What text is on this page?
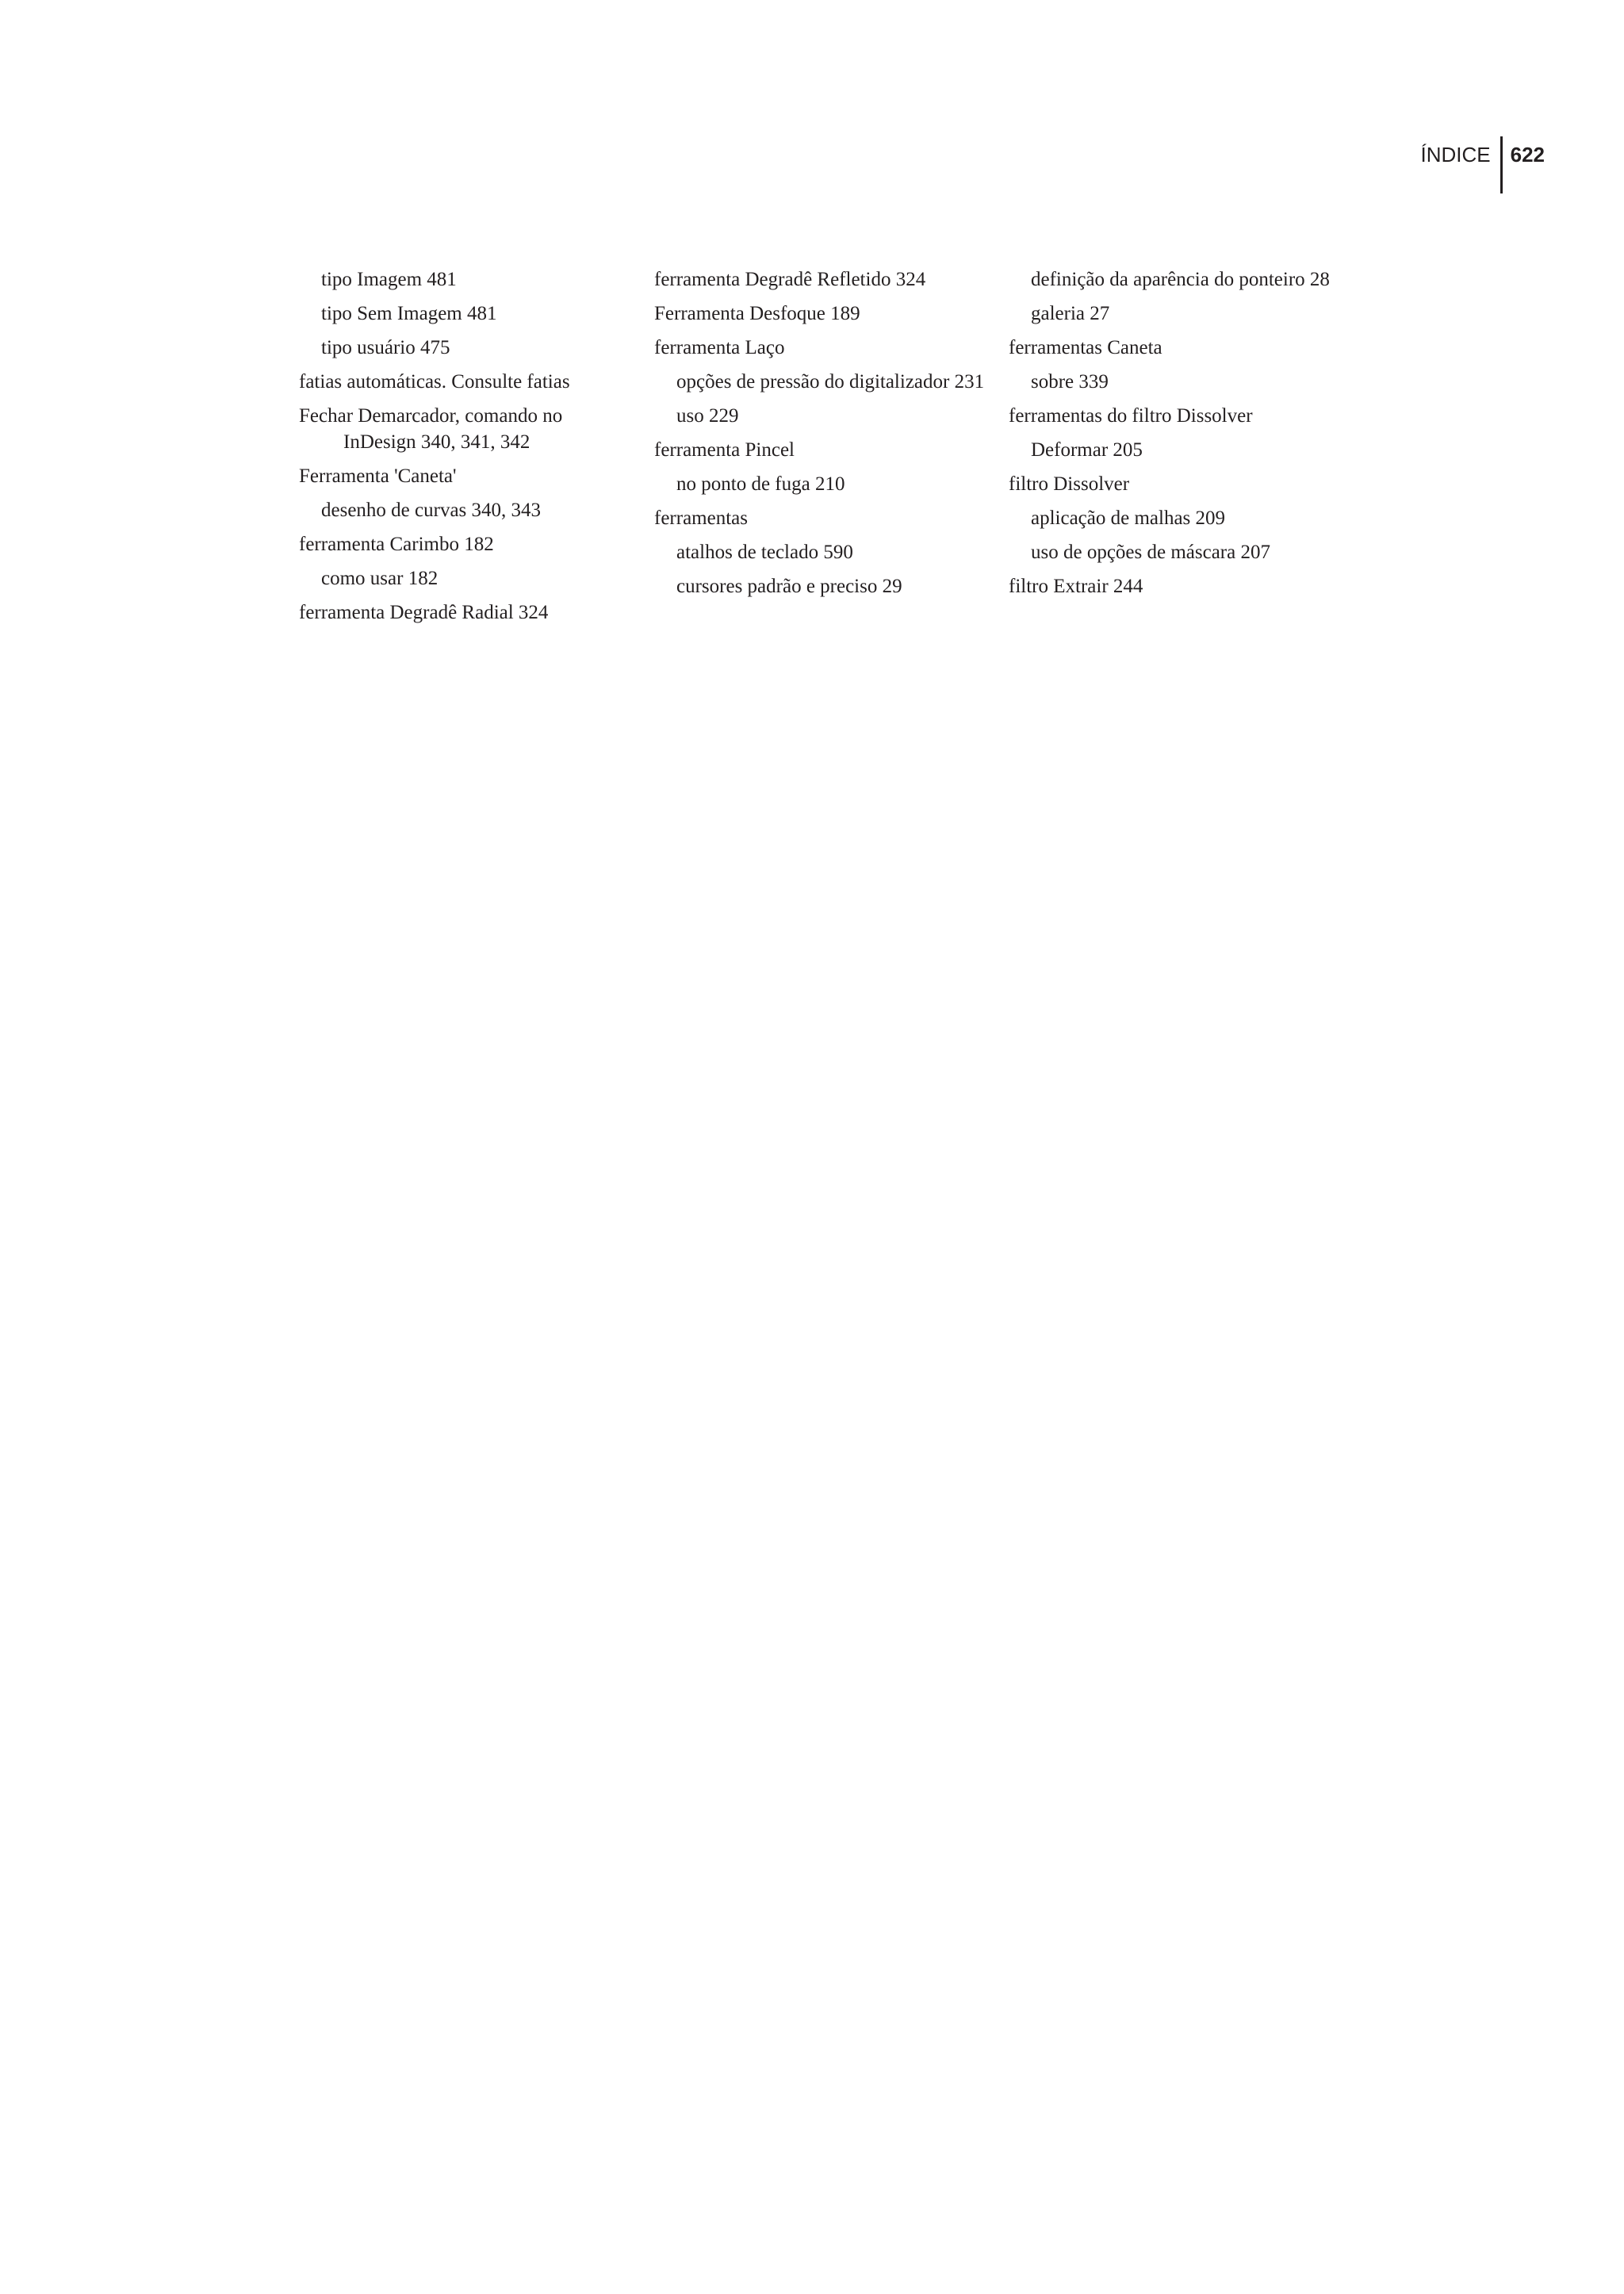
ÍNDICE 622
tipo Imagem 481
tipo Sem Imagem 481
tipo usuário 475
fatias automáticas. Consulte fatias
Fechar Demarcador, comando no InDesign 340, 341, 342
Ferramenta 'Caneta'
desenho de curvas 340, 343
ferramenta Carimbo 182
como usar 182
ferramenta Degradê Radial 324
ferramenta Degradê Refletido 324
Ferramenta Desfoque 189
ferramenta Laço
opções de pressão do digitalizador 231
uso 229
ferramenta Pincel
no ponto de fuga 210
ferramentas
atalhos de teclado 590
cursores padrão e preciso 29
definição da aparência do ponteiro 28
galeria 27
ferramentas Caneta
sobre 339
ferramentas do filtro Dissolver
Deformar 205
filtro Dissolver
aplicação de malhas 209
uso de opções de máscara 207
filtro Extrair 244
